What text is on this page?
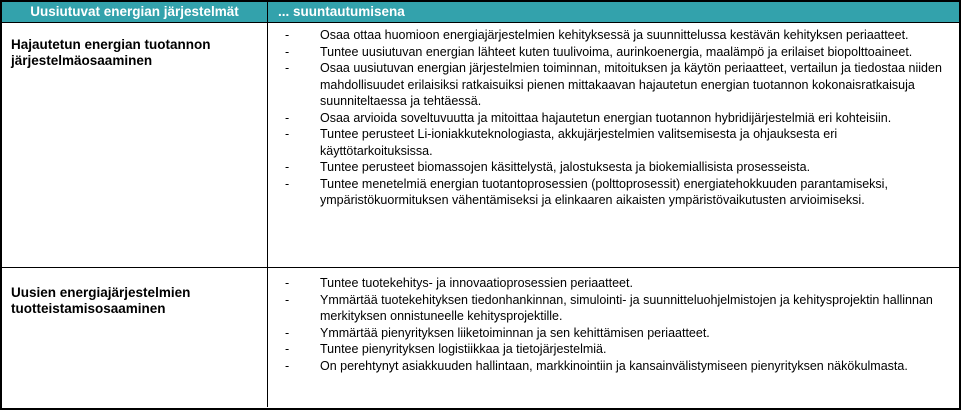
Uusiutuvat energian järjestelmät	... suuntautumisena
Hajautetun energian tuotannon järjestelmäosaaminen
- Osaa ottaa huomioon energiajärjestelmien kehityksessä ja suunnittelussa kestävän kehityksen periaatteet.
- Tuntee uusiutuvan energian lähteet kuten tuulivoima, aurinkoenergia, maalämpö ja erilaiset biopolttoaineet.
- Osaa uusiutuvan energian järjestelmien toiminnan, mitoituksen ja käytön periaatteet, vertailun ja tiedostaa niiden mahdollisuudet erilaisiksi ratkaisuiksi pienen mittakaavan hajautetun energian tuotannon kokonaisratkaisuja suunniteltaessa ja tehtäessä.
- Osaa arvioida soveltuvuutta ja mitoittaa hajautetun energian tuotannon hybridijärjestelmiä eri kohteisiin.
- Tuntee perusteet Li-ioniakkuteknologiasta, akkujärjestelmien valitsemisesta ja ohjauksesta eri käyttötarkoituksissa.
- Tuntee perusteet biomassojen käsittelystä, jalostuksesta ja biokemiallisista prosesseista.
- Tuntee menetelmiä energian tuotantoprosessien (polttoprosessit) energiatehokkuuden parantamiseksi, ympäristökuormituksen vähentämiseksi ja elinkaaren aikaisten ympäristövaikutusten arvioimiseksi.
Uusien energiajärjestelmien tuotteistamisosaaminen
- Tuntee tuotekehitys- ja innovaatioprosessien periaatteet.
- Ymmärtää tuotekehityksen tiedonhankinnan, simulointi- ja suunnitteluohjelmistojen ja kehitysprojektin hallinnan merkityksen onnistuneelle kehitysprojektille.
- Ymmärtää pienyrityksen liiketoiminnan ja sen kehittämisen periaatteet.
- Tuntee pienyrityksen logistiikkaa ja tietojärjestelmiä.
- On perehtynyt asiakkuuden hallintaan, markkinointiin ja kansainvälistymiseen pienyrityksen näkökulmasta.
